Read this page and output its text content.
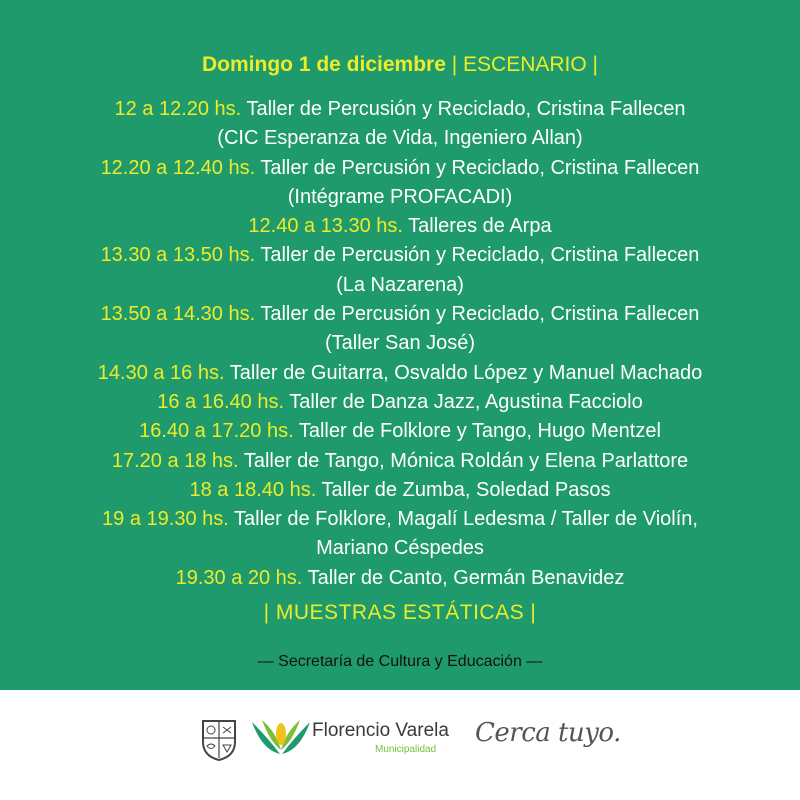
Domingo 1 de diciembre | ESCENARIO |
12 a 12.20 hs. Taller de Percusión y Reciclado, Cristina Fallecen
(CIC Esperanza de Vida, Ingeniero Allan)
12.20 a 12.40 hs. Taller de Percusión y Reciclado, Cristina Fallecen
(Intégrame PROFACADI)
12.40 a 13.30 hs. Talleres de Arpa
13.30 a 13.50 hs. Taller de Percusión y Reciclado, Cristina Fallecen
(La Nazarena)
13.50 a 14.30 hs. Taller de Percusión y Reciclado, Cristina Fallecen
(Taller San José)
14.30 a 16 hs. Taller de Guitarra, Osvaldo López y Manuel Machado
16 a 16.40 hs. Taller de Danza Jazz, Agustina Facciolo
16.40 a 17.20 hs. Taller de Folklore y Tango, Hugo Mentzel
17.20 a 18 hs. Taller de Tango, Mónica Roldán y Elena Parlattore
18 a 18.40 hs. Taller de Zumba, Soledad Pasos
19 a 19.30 hs. Taller de Folklore, Magalí Ledesma / Taller de Violín,
Mariano Céspedes
19.30 a 20 hs. Taller de Canto, Germán Benavidez
| MUESTRAS ESTÁTICAS |
— Secretaría de Cultura y Educación —
Florencio Varela
Municipalidad
Cerca tuyo.
